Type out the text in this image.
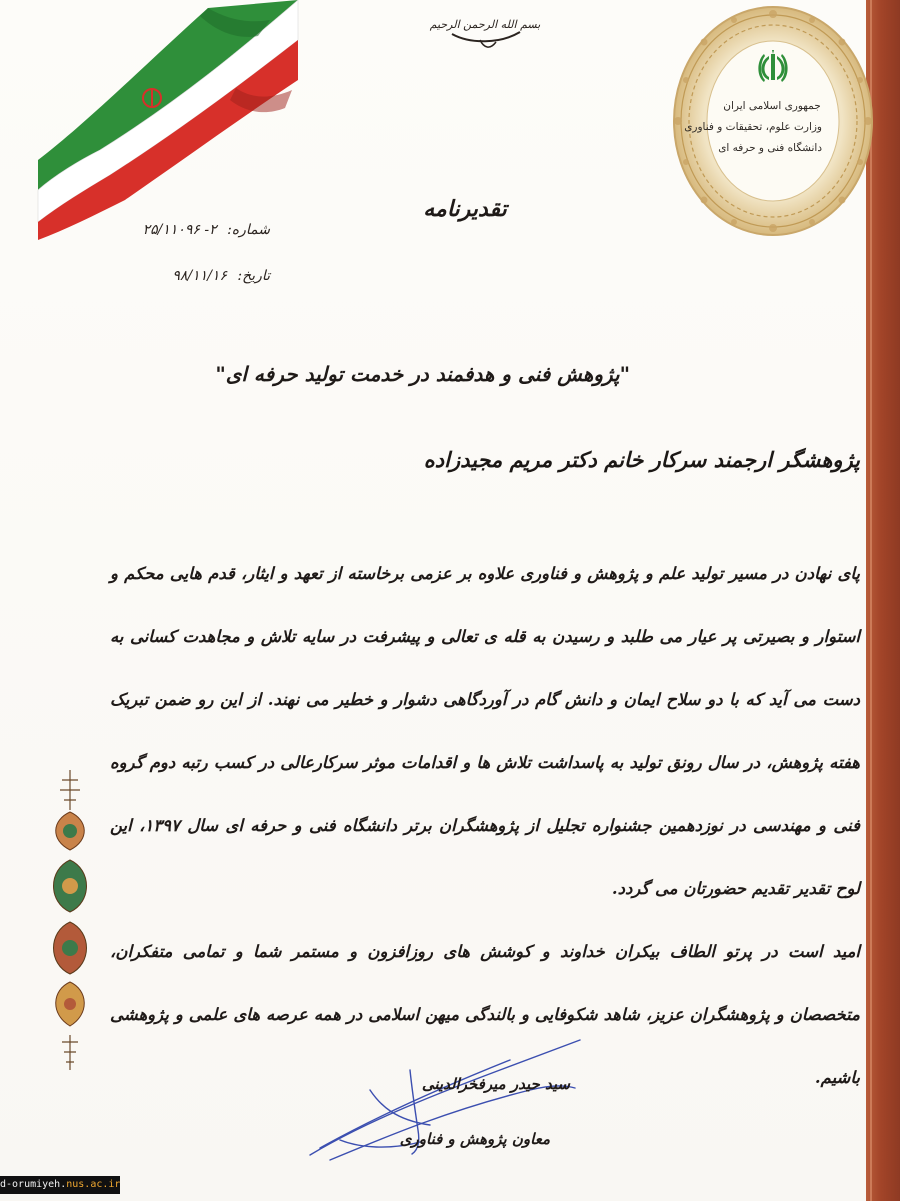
بسم الله الرحمن الرحیم
جمهوری اسلامی ایران
وزارت علوم، تحقیقات و فناوری
دانشگاه فنی و حرفه ای
تقدیرنامه
شماره: ۲- ۲۵/۱۱۰۹۶
تاریخ: ۹۸/۱۱/۱۶
"پژوهش فنی و هدفمند در خدمت تولید حرفه ای"
پژوهشگر ارجمند سرکار خانم دکتر مریم مجیدزاده

پای نهادن در مسیر تولید علم و پژوهش و فناوری علاوه بر عزمی برخاسته از تعهد و ایثار، قدم هایی محکم و استوار و بصیرتی پر عیار می طلبد و رسیدن به قله ی تعالی و پیشرفت در سایه تلاش و مجاهدت کسانی به دست می آید که با دو سلاح ایمان و دانش گام در آوردگاهی دشوار و خطیر می نهند. از این رو ضمن تبریک هفته پژوهش، در سال رونق تولید به پاسداشت تلاش ها و اقدامات موثر سرکارعالی در کسب رتبه دوم گروه فنی و مهندسی در نوزدهمین جشنواره تجلیل از پژوهشگران برتر دانشگاه فنی و حرفه ای سال ۱۳۹۷، این لوح تقدیر تقدیم حضورتان می گردد.

امید است در پرتو الطاف بیکران خداوند و کوشش های روزافزون و مستمر شما و تمامی متفکران، متخصصان و پژوهشگران عزیز، شاهد شکوفایی و بالندگی میهن اسلامی در همه عرصه های علمی و پژوهشی باشیم.

سید حیدر میرفخرالدینی
معاون پژوهش و فناوری
d-orumiyeh.nus.ac.ir
